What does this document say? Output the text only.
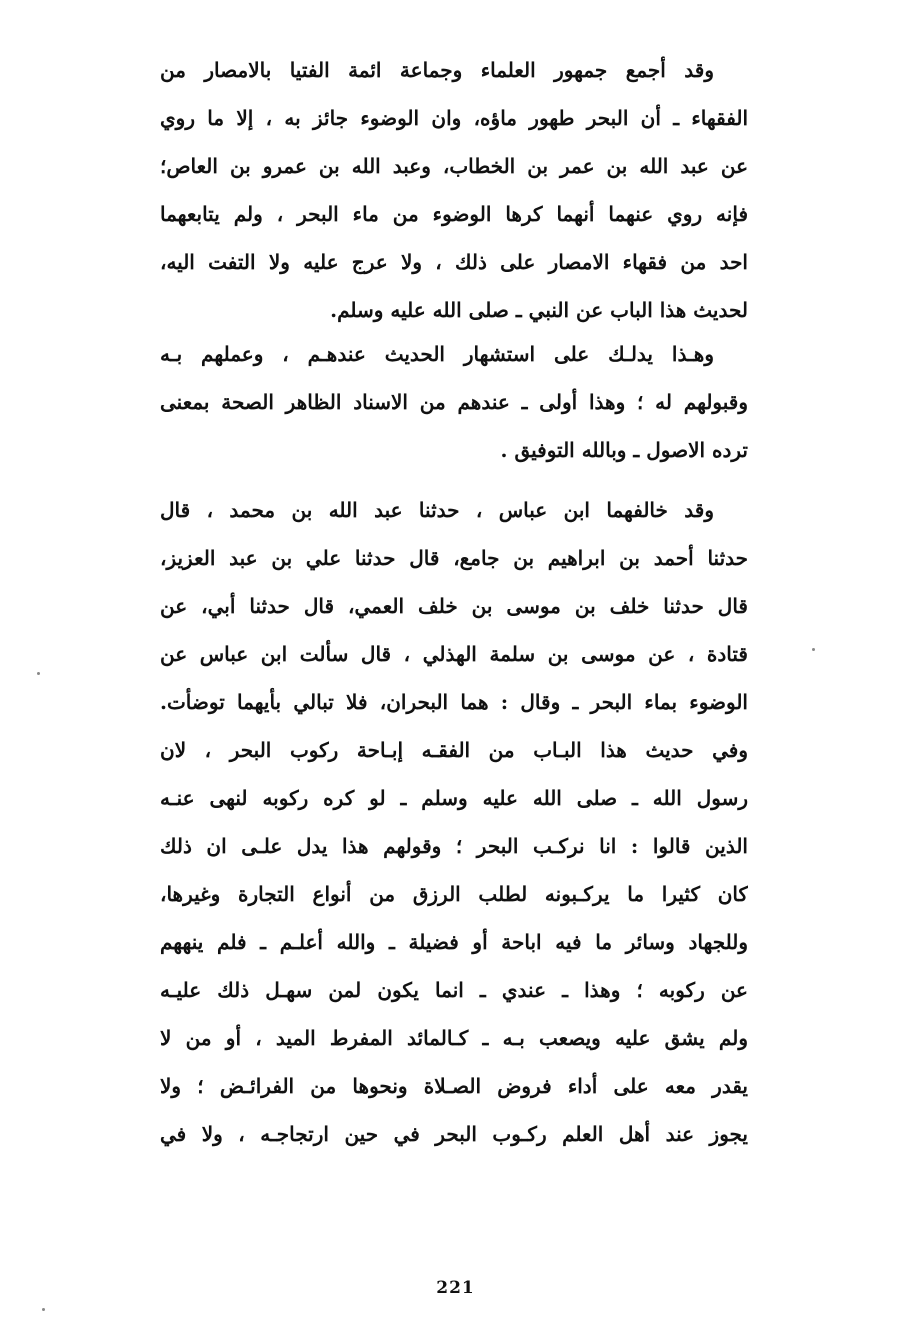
وقد أجمع جمهور العلماء وجماعة ائمة الفتيا بالامصار من
الفقهاء ـ أن البحر طهور ماؤه، وان الوضوء جائز به ، إلا ما روي
عن عبد الله بن عمر بن الخطاب، وعبد الله بن عمرو بن العاص؛
فإنه روي عنهما أنهما كرها الوضوء من ماء البحر ، ولم يتابعهما
احد من فقهاء الامصار على ذلك ، ولا عرج عليه ولا التفت اليه،
لحديث هذا الباب عن النبي ـ صلى الله عليه وسلم.
وهـذا يدلـك على استشهار الحديث عندهـم ، وعملهم بـه
وقبولهم له ؛ وهذا أولى ـ عندهم من الاسناد الظاهر الصحة بمعنى
ترده الاصول ـ وبالله التوفيق .
وقد خالفهما ابن عباس ، حدثنا عبد الله بن محمد ، قال
حدثنا أحمد بن ابراهيم بن جامع، قال حدثنا علي بن عبد العزيز،
قال حدثنا خلف بن موسى بن خلف العمي، قال حدثنا أبي، عن
قتادة ، عن موسى بن سلمة الهذلي ، قال سألت ابن عباس عن
الوضوء بماء البحر ـ وقال : هما البحران، فلا تبالي بأيهما توضأت.
وفي حديث هذا البـاب من الفقـه إبـاحة ركوب البحر ، لان
رسول الله ـ صلى الله عليه وسلم ـ لو كره ركوبه لنهى عنـه
الذين قالوا : انا نركـب البحر ؛ وقولهم هذا يدل علـى ان ذلك
كان كثيرا ما يركـبونه لطلب الرزق من أنواع التجارة وغيرها،
وللجهاد وسائر ما فيه اباحة أو فضيلة ـ والله أعلـم ـ فلم ينههم
عن ركوبه ؛ وهذا ـ عندي ـ انما يكون لمن سهـل ذلك عليـه
ولم يشق عليه ويصعب بـه ـ كـالمائد المفرط الميد ، أو من لا
يقدر معه على أداء فروض الصـلاة ونحوها من الفرائـض ؛ ولا
يجوز عند أهل العلم ركـوب البحر في حين ارتجاجـه ، ولا في
221
